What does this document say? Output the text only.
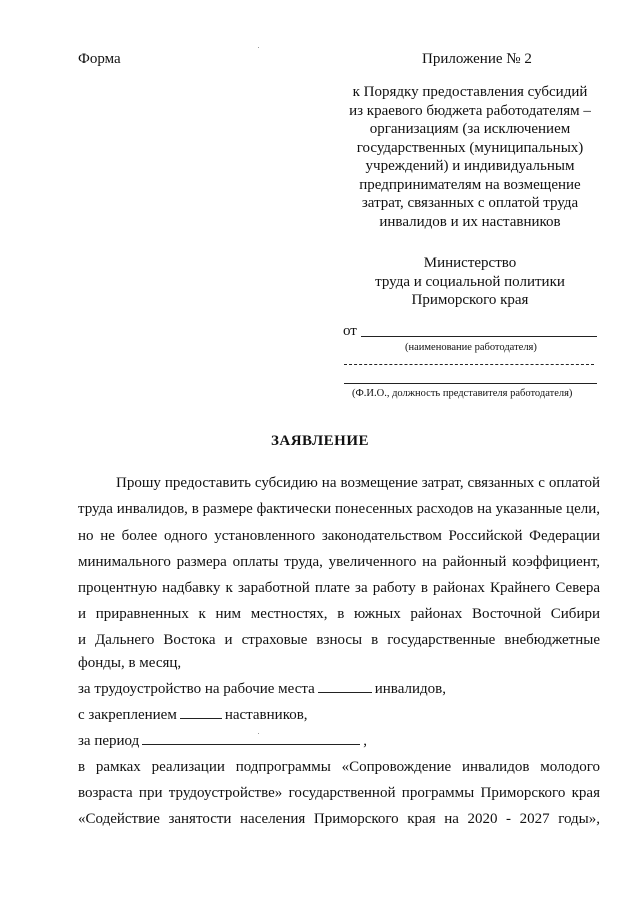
Форма	Приложение № 2
к Порядку предоставления субсидий
из краевого бюджета работодателям –
организациям (за исключением
государственных (муниципальных)
учреждений) и индивидуальным
предпринимателям на возмещение
затрат, связанных с оплатой труда
инвалидов и их наставников
Министерство
труда и социальной политики
Приморского края
от
(наименование работодателя)
(Ф.И.О., должность представителя работодателя)
ЗАЯВЛЕНИЕ
Прошу предоставить субсидию на возмещение затрат, связанных с оплатой
труда инвалидов, в размере фактически понесенных расходов на указанные цели,
но не более одного установленного законодательством Российской Федерации
минимального размера оплаты труда, увеличенного на районный коэффициент,
процентную надбавку к заработной плате за работу в районах Крайнего Севера
и приравненных к ним местностях, в южных районах Восточной Сибири
и Дальнего Востока и страховые взносы в государственные внебюджетные
фонды, в месяц,
за трудоустройство на рабочие места	инвалидов,
с закреплением	наставников,
за период	,
в рамках реализации подпрограммы «Сопровождение инвалидов молодого
возраста при трудоустройстве» государственной программы Приморского края
«Содействие занятости населения Приморского края на 2020 - 2027 годы»,
